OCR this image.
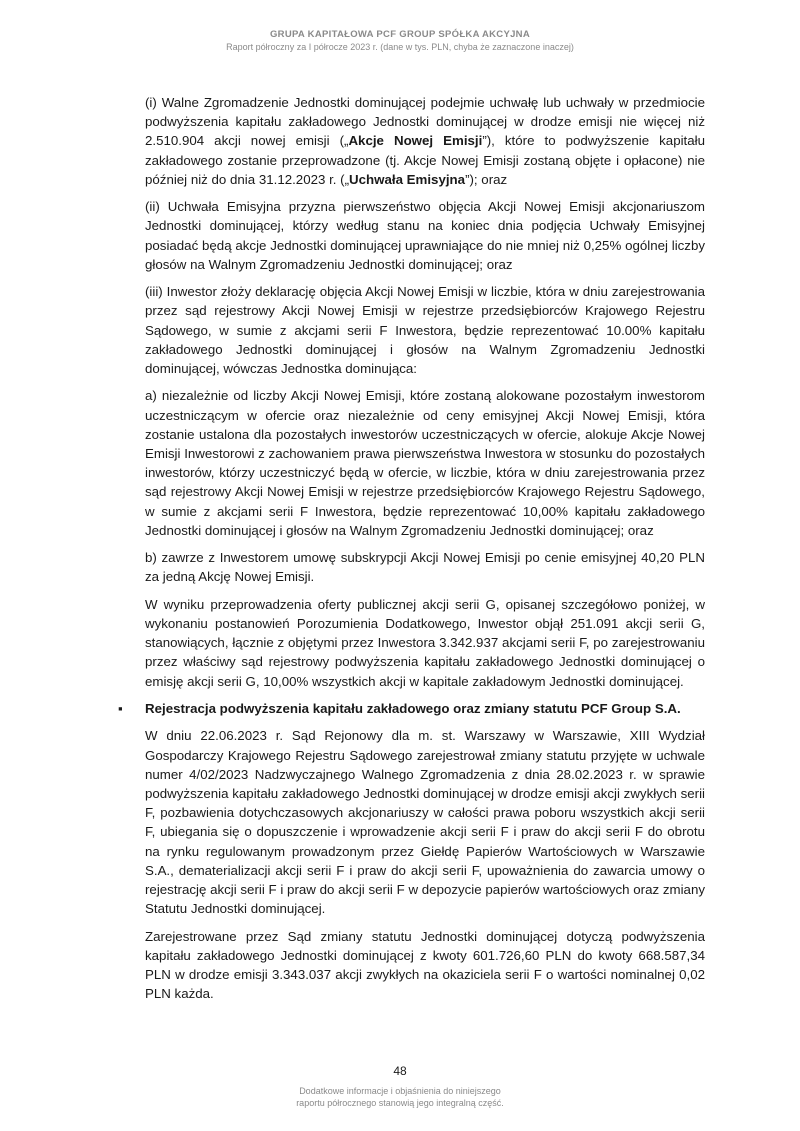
GRUPA KAPITAŁOWA PCF GROUP SPÓŁKA AKCYJNA
Raport półroczny za I półrocze 2023 r. (dane w tys. PLN, chyba że zaznaczone inaczej)

(i) Walne Zgromadzenie Jednostki dominującej podejmie uchwałę lub uchwały w przedmiocie podwyższenia kapitału zakładowego Jednostki dominującej w drodze emisji nie więcej niż 2.510.904 akcji nowej emisji („Akcje Nowej Emisji”), które to podwyższenie kapitału zakładowego zostanie przeprowadzone (tj. Akcje Nowej Emisji zostaną objęte i opłacone) nie później niż do dnia 31.12.2023 r. („Uchwała Emisyjna”); oraz

(ii) Uchwała Emisyjna przyzna pierwszeństwo objęcia Akcji Nowej Emisji akcjonariuszom Jednostki dominującej, którzy według stanu na koniec dnia podjęcia Uchwały Emisyjnej posiadać będą akcje Jednostki dominującej uprawniające do nie mniej niż 0,25% ogólnej liczby głosów na Walnym Zgromadzeniu Jednostki dominującej; oraz

(iii) Inwestor złoży deklarację objęcia Akcji Nowej Emisji w liczbie, która w dniu zarejestrowania przez sąd rejestrowy Akcji Nowej Emisji w rejestrze przedsiębiorców Krajowego Rejestru Sądowego, w sumie z akcjami serii F Inwestora, będzie reprezentować 10.00% kapitału zakładowego Jednostki dominującej i głosów na Walnym Zgromadzeniu Jednostki dominującej, wówczas Jednostka dominująca:

a) niezależnie od liczby Akcji Nowej Emisji, które zostaną alokowane pozostałym inwestorom uczestniczącym w ofercie oraz niezależnie od ceny emisyjnej Akcji Nowej Emisji, która zostanie ustalona dla pozostałych inwestorów uczestniczących w ofercie, alokuje Akcje Nowej Emisji Inwestorowi z zachowaniem prawa pierwszeństwa Inwestora w stosunku do pozostałych inwestorów, którzy uczestniczyć będą w ofercie, w liczbie, która w dniu zarejestrowania przez sąd rejestrowy Akcji Nowej Emisji w rejestrze przedsiębiorców Krajowego Rejestru Sądowego, w sumie z akcjami serii F Inwestora, będzie reprezentować 10,00% kapitału zakładowego Jednostki dominującej i głosów na Walnym Zgromadzeniu Jednostki dominującej; oraz

b) zawrze z Inwestorem umowę subskrypcji Akcji Nowej Emisji po cenie emisyjnej 40,20 PLN za jedną Akcję Nowej Emisji.

W wyniku przeprowadzenia oferty publicznej akcji serii G, opisanej szczegółowo poniżej, w wykonaniu postanowień Porozumienia Dodatkowego, Inwestor objął 251.091 akcji serii G, stanowiących, łącznie z objętymi przez Inwestora 3.342.937 akcjami serii F, po zarejestrowaniu przez właściwy sąd rejestrowy podwyższenia kapitału zakładowego Jednostki dominującej o emisję akcji serii G, 10,00% wszystkich akcji w kapitale zakładowym Jednostki dominującej.

▪ Rejestracja podwyższenia kapitału zakładowego oraz zmiany statutu PCF Group S.A.

W dniu 22.06.2023 r. Sąd Rejonowy dla m. st. Warszawy w Warszawie, XIII Wydział Gospodarczy Krajowego Rejestru Sądowego zarejestrował zmiany statutu przyjęte w uchwale numer 4/02/2023 Nadzwyczajnego Walnego Zgromadzenia z dnia 28.02.2023 r. w sprawie podwyższenia kapitału zakładowego Jednostki dominującej w drodze emisji akcji zwykłych serii F, pozbawienia dotychczasowych akcjonariuszy w całości prawa poboru wszystkich akcji serii F, ubiegania się o dopuszczenie i wprowadzenie akcji serii F i praw do akcji serii F do obrotu na rynku regulowanym prowadzonym przez Giełdę Papierów Wartościowych w Warszawie S.A., dematerializacji akcji serii F i praw do akcji serii F, upoważnienia do zawarcia umowy o rejestrację akcji serii F i praw do akcji serii F w depozycie papierów wartościowych oraz zmiany Statutu Jednostki dominującej.

Zarejestrowane przez Sąd zmiany statutu Jednostki dominującej dotyczą podwyższenia kapitału zakładowego Jednostki dominującej z kwoty 601.726,60 PLN do kwoty 668.587,34 PLN w drodze emisji 3.343.037 akcji zwykłych na okaziciela serii F o wartości nominalnej 0,02 PLN każda.

48
Dodatkowe informacje i objaśnienia do niniejszego
raportu półrocznego stanowią jego integralną część.
